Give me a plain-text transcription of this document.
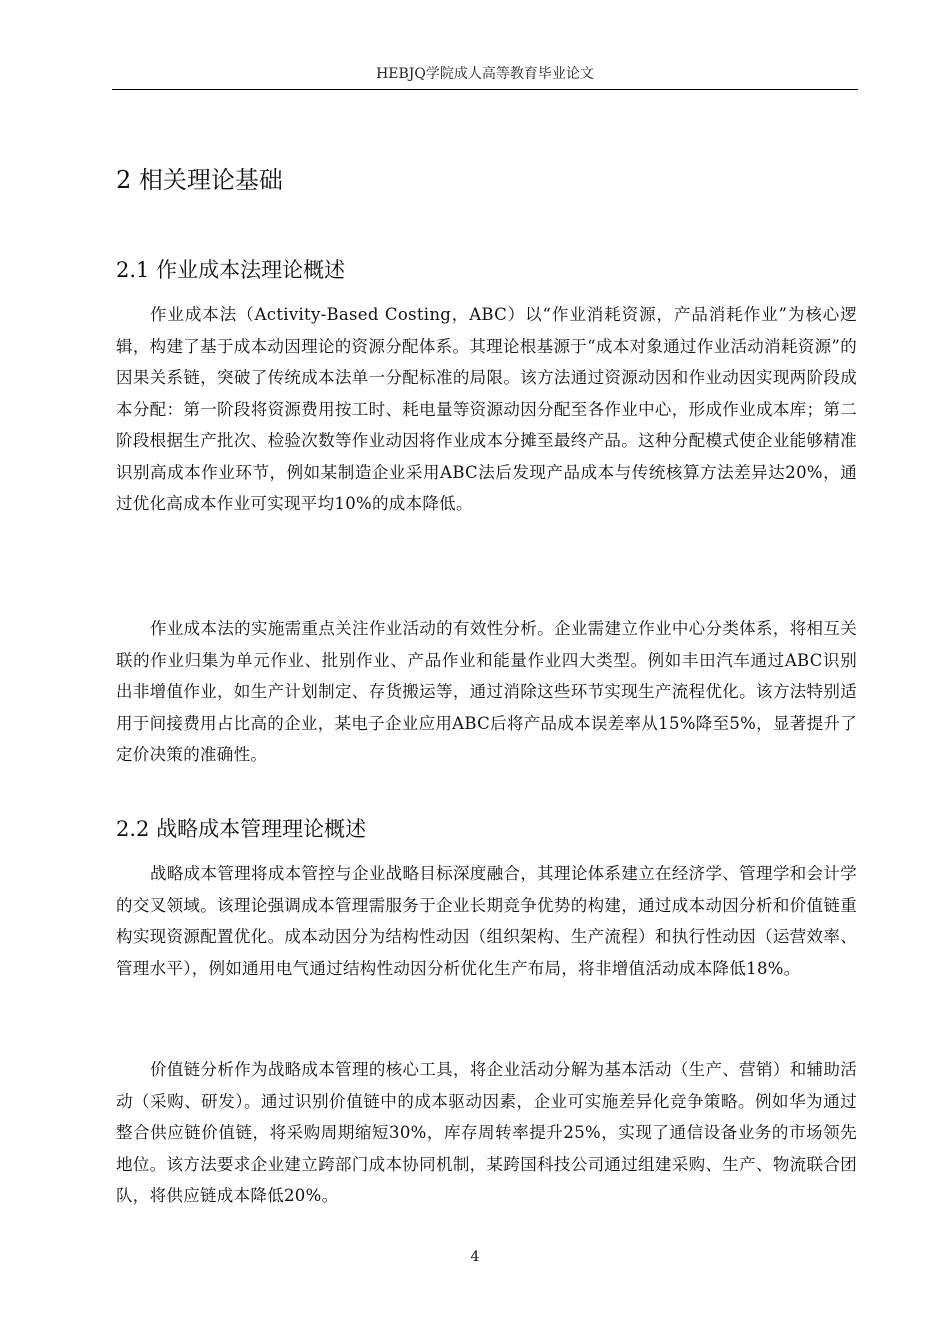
HEBJQ学院成人高等教育毕业论文
2 相关理论基础
2.1 作业成本法理论概述

作业成本法（Activity-Based Costing，ABC）以“作业消耗资源，产品消耗作业”为核心逻辑，构建了基于成本动因理论的资源分配体系。其理论根基源于“成本对象通过作业活动消耗资源”的因果关系链，突破了传统成本法单一分配标准的局限。该方法通过资源动因和作业动因实现两阶段成本分配：第一阶段将资源费用按工时、耗电量等资源动因分配至各作业中心，形成作业成本库；第二阶段根据生产批次、检验次数等作业动因将作业成本分摊至最终产品。这种分配模式使企业能够精准识别高成本作业环节，例如某制造企业采用ABC法后发现产品成本与传统核算方法差异达20%，通过优化高成本作业可实现平均10%的成本降低。

作业成本法的实施需重点关注作业活动的有效性分析。企业需建立作业中心分类体系，将相互关联的作业归集为单元作业、批别作业、产品作业和能量作业四大类型。例如丰田汽车通过ABC识别出非增值作业，如生产计划制定、存货搬运等，通过消除这些环节实现生产流程优化。该方法特别适用于间接费用占比高的企业，某电子企业应用ABC后将产品成本误差率从15%降至5%，显著提升了定价决策的准确性。

2.2 战略成本管理理论概述

战略成本管理将成本管控与企业战略目标深度融合，其理论体系建立在经济学、管理学和会计学的交叉领域。该理论强调成本管理需服务于企业长期竞争优势的构建，通过成本动因分析和价值链重构实现资源配置优化。成本动因分为结构性动因（组织架构、生产流程）和执行性动因（运营效率、管理水平），例如通用电气通过结构性动因分析优化生产布局，将非增值活动成本降低18%。

价值链分析作为战略成本管理的核心工具，将企业活动分解为基本活动（生产、营销）和辅助活动（采购、研发）。通过识别价值链中的成本驱动因素，企业可实施差异化竞争策略。例如华为通过整合供应链价值链，将采购周期缩短30%，库存周转率提升25%，实现了通信设备业务的市场领先地位。该方法要求企业建立跨部门成本协同机制，某跨国科技公司通过组建采购、生产、物流联合团队，将供应链成本降低20%。

4
